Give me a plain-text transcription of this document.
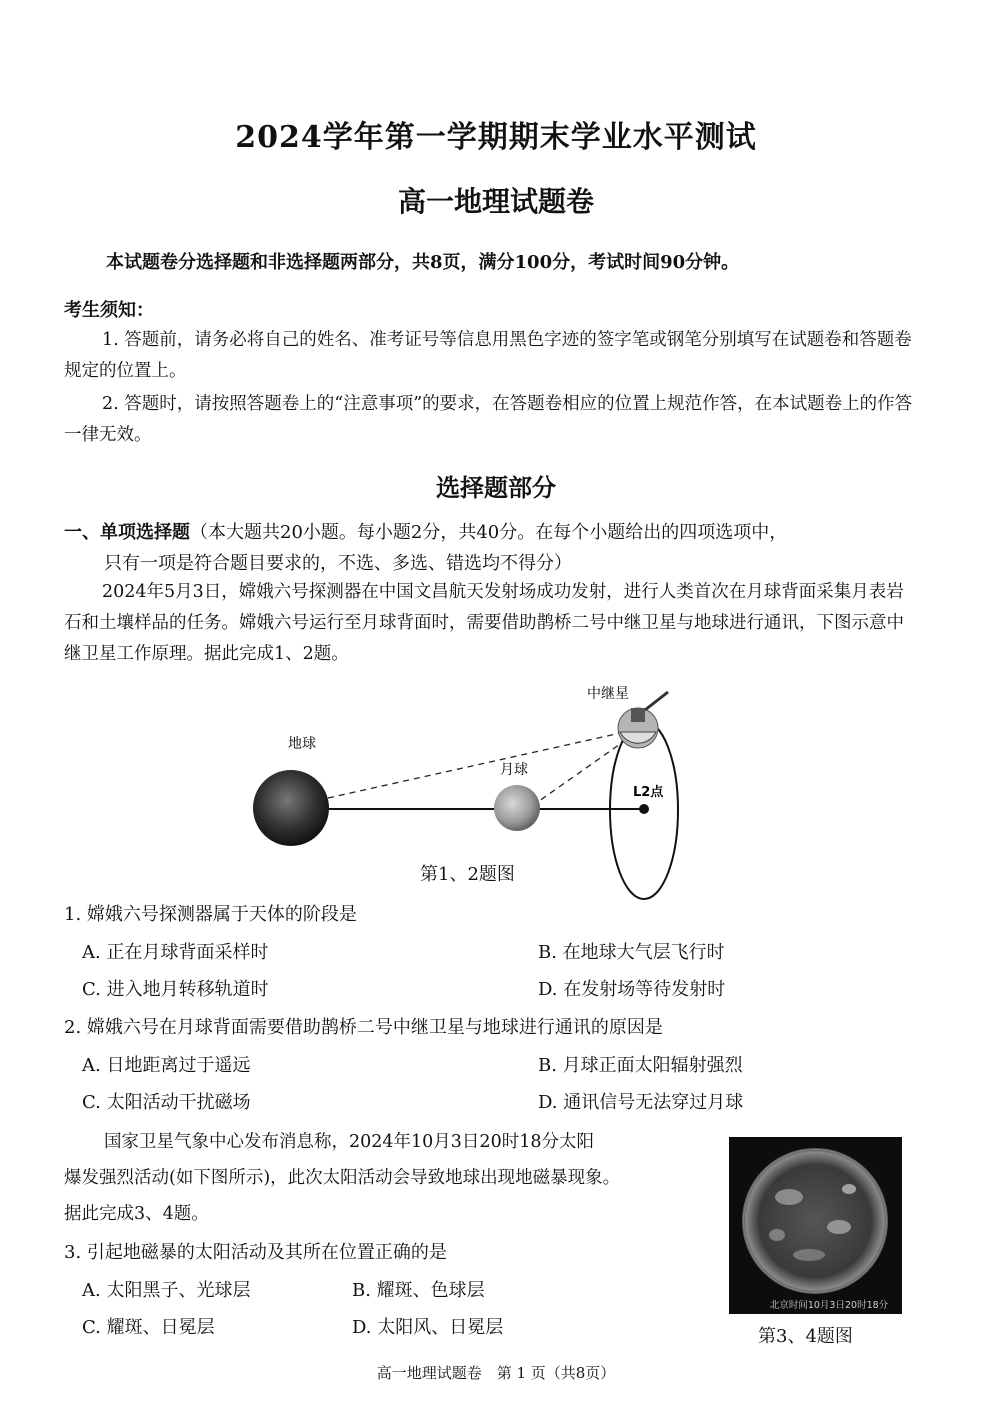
2024学年第一学期期末学业水平测试
高一地理试题卷
本试题卷分选择题和非选择题两部分，共8页，满分100分，考试时间90分钟。
考生须知：
1. 答题前，请务必将自己的姓名、准考证号等信息用黑色字迹的签字笔或钢笔分别填写在试题卷和答题卷规定的位置上。
2. 答题时，请按照答题卷上的“注意事项”的要求，在答题卷相应的位置上规范作答，在本试题卷上的作答一律无效。
选择题部分
一、单项选择题（本大题共20小题。每小题2分，共40分。在每个小题给出的四项选项中，
只有一项是符合题目要求的，不选、多选、错选均不得分）
2024年5月3日，嫦娥六号探测器在中国文昌航天发射场成功发射，进行人类首次在月球背面采集月表岩石和土壤样品的任务。嫦娥六号运行至月球背面时，需要借助鹊桥二号中继卫星与地球进行通讯，下图示意中继卫星工作原理。据此完成1、2题。
地球
月球
中继星
L2点
第1、2题图
1. 嫦娥六号探测器属于天体的阶段是
A. 正在月球背面采样时	B. 在地球大气层飞行时
C. 进入地月转移轨道时	D. 在发射场等待发射时
2. 嫦娥六号在月球背面需要借助鹊桥二号中继卫星与地球进行通讯的原因是
A. 日地距离过于遥远	B. 月球正面太阳辐射强烈
C. 太阳活动干扰磁场	D. 通讯信号无法穿过月球
国家卫星气象中心发布消息称，2024年10月3日20时18分太阳
爆发强烈活动(如下图所示)，此次太阳活动会导致地球出现地磁暴现象。
据此完成3、4题。
3. 引起地磁暴的太阳活动及其所在位置正确的是
A. 太阳黑子、光球层	B. 耀斑、色球层
C. 耀斑、日冕层	D. 太阳风、日冕层
北京时间10月3日20时18分
第3、4题图
高一地理试题卷　第 1 页（共8页）
